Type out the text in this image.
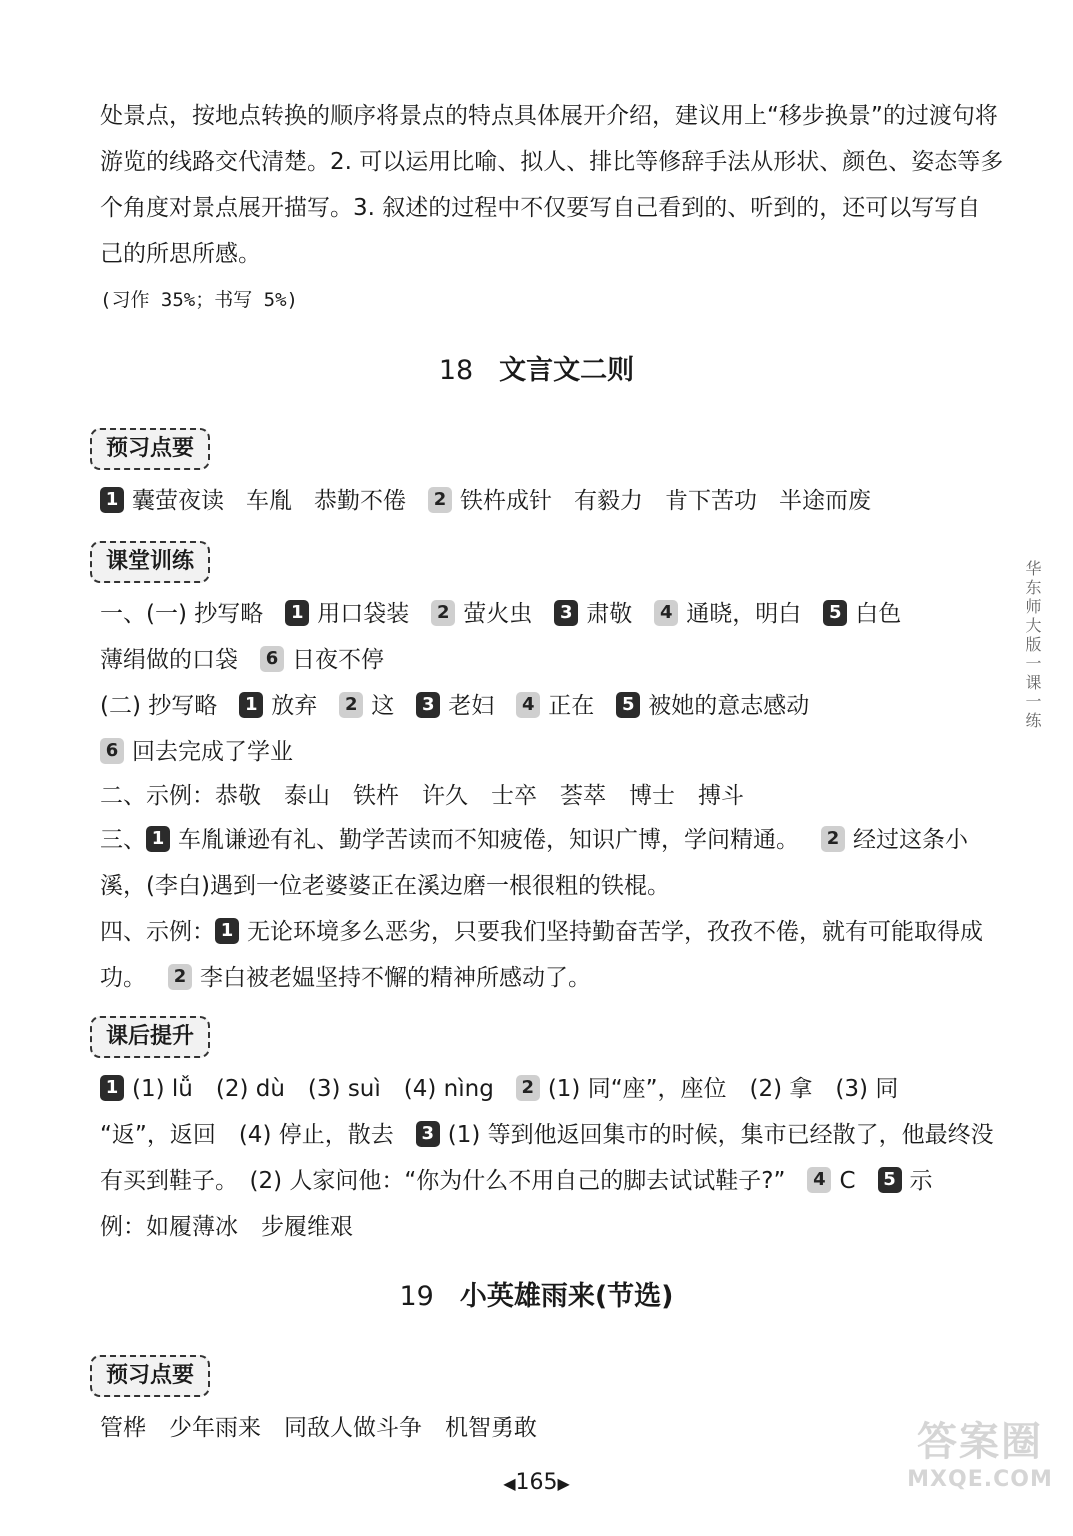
处景点，按地点转换的顺序将景点的特点具体展开介绍，建议用上“移步换景”的过渡句将
游览的线路交代清楚。2. 可以运用比喻、拟人、排比等修辞手法从形状、颜色、姿态等多
个角度对景点展开描写。3. 叙述的过程中不仅要写自己看到的、听到的，还可以写写自
己的所思所感。
(习作 35%；书写 5%)
18 文言文二则
预习点要
1 囊萤夜读 车胤 恭勤不倦 2 铁杵成针 有毅力 肯下苦功 半途而废
课堂训练
一、(一) 抄写略 1 用口袋装 2 萤火虫 3 肃敬 4 通晓，明白 5 白色
薄绢做的口袋 6 日夜不停
(二) 抄写略 1 放弃 2 这 3 老妇 4 正在 5 被她的意志感动
6 回去完成了学业
二、示例：恭敬　泰山　铁杵　许久　士卒　荟萃　博士　搏斗
三、 1 车胤谦逊有礼、勤学苦读而不知疲倦，知识广博，学问精通。 2 经过这条小
溪，(李白)遇到一位老婆婆正在溪边磨一根很粗的铁棍。
四、示例： 1 无论环境多么恶劣，只要我们坚持勤奋苦学，孜孜不倦，就有可能取得成
功。 2 李白被老媪坚持不懈的精神所感动了。
课后提升
1 (1) lǚ　(2) dù　(3) suì　(4) nìng 2 (1) 同“座”，座位　(2) 拿　(3) 同
“返”，返回　(4) 停止，散去 3 (1) 等到他返回集市的时候，集市已经散了，他最终没
有买到鞋子。　(2) 人家问他：“你为什么不用自己的脚去试试鞋子?” 4 C 5 示
例：如履薄冰　步履维艰
19 小英雄雨来(节选)
预习点要
管桦　少年雨来　同敌人做斗争　机智勇敢
华东师大版一课一练
◀165▶
答案圈
MXQE.COM
